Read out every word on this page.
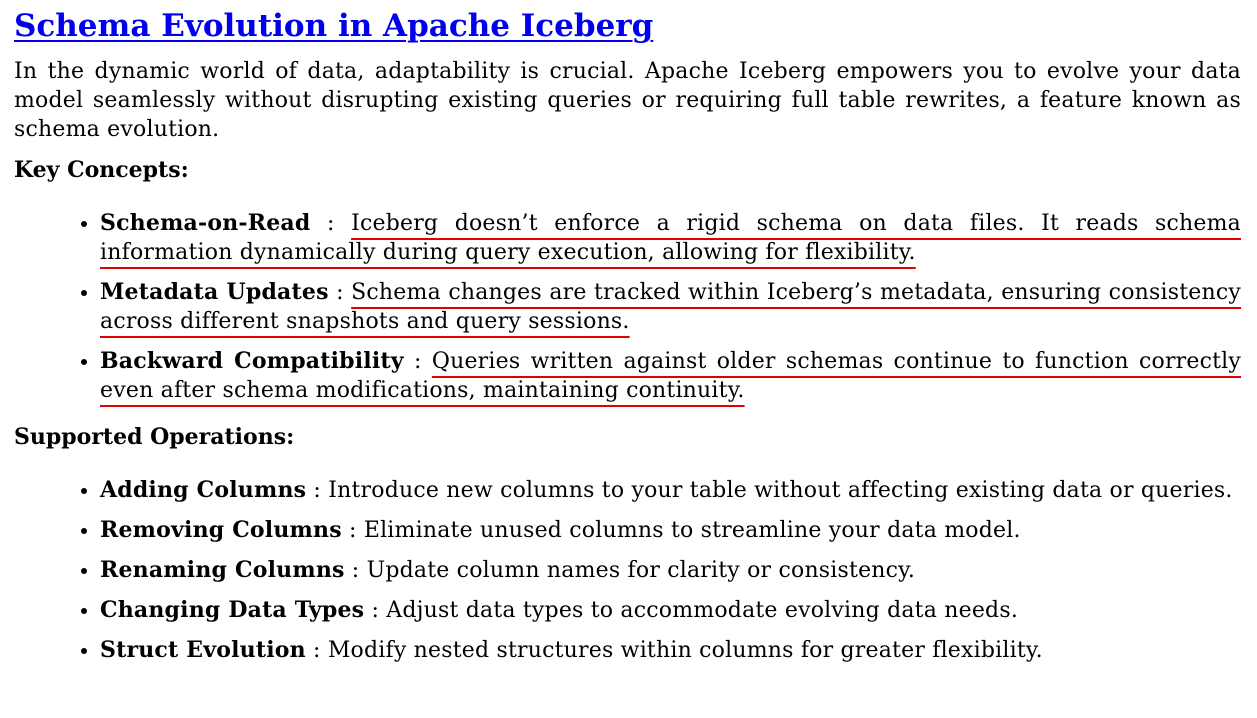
Schema Evolution in Apache Iceberg

In the dynamic world of data, adaptability is crucial. Apache Iceberg empowers you to evolve your data model seamlessly without disrupting existing queries or requiring full table rewrites, a feature known as schema evolution.

Key Concepts:

• Schema-on-Read : Iceberg doesn’t enforce a rigid schema on data files. It reads schema information dynamically during query execution, allowing for flexibility.
• Metadata Updates : Schema changes are tracked within Iceberg’s metadata, ensuring consistency across different snapshots and query sessions.
• Backward Compatibility : Queries written against older schemas continue to function correctly even after schema modifications, maintaining continuity.

Supported Operations:

• Adding Columns : Introduce new columns to your table without affecting existing data or queries.
• Removing Columns : Eliminate unused columns to streamline your data model.
• Renaming Columns : Update column names for clarity or consistency.
• Changing Data Types : Adjust data types to accommodate evolving data needs.
• Struct Evolution : Modify nested structures within columns for greater flexibility.
